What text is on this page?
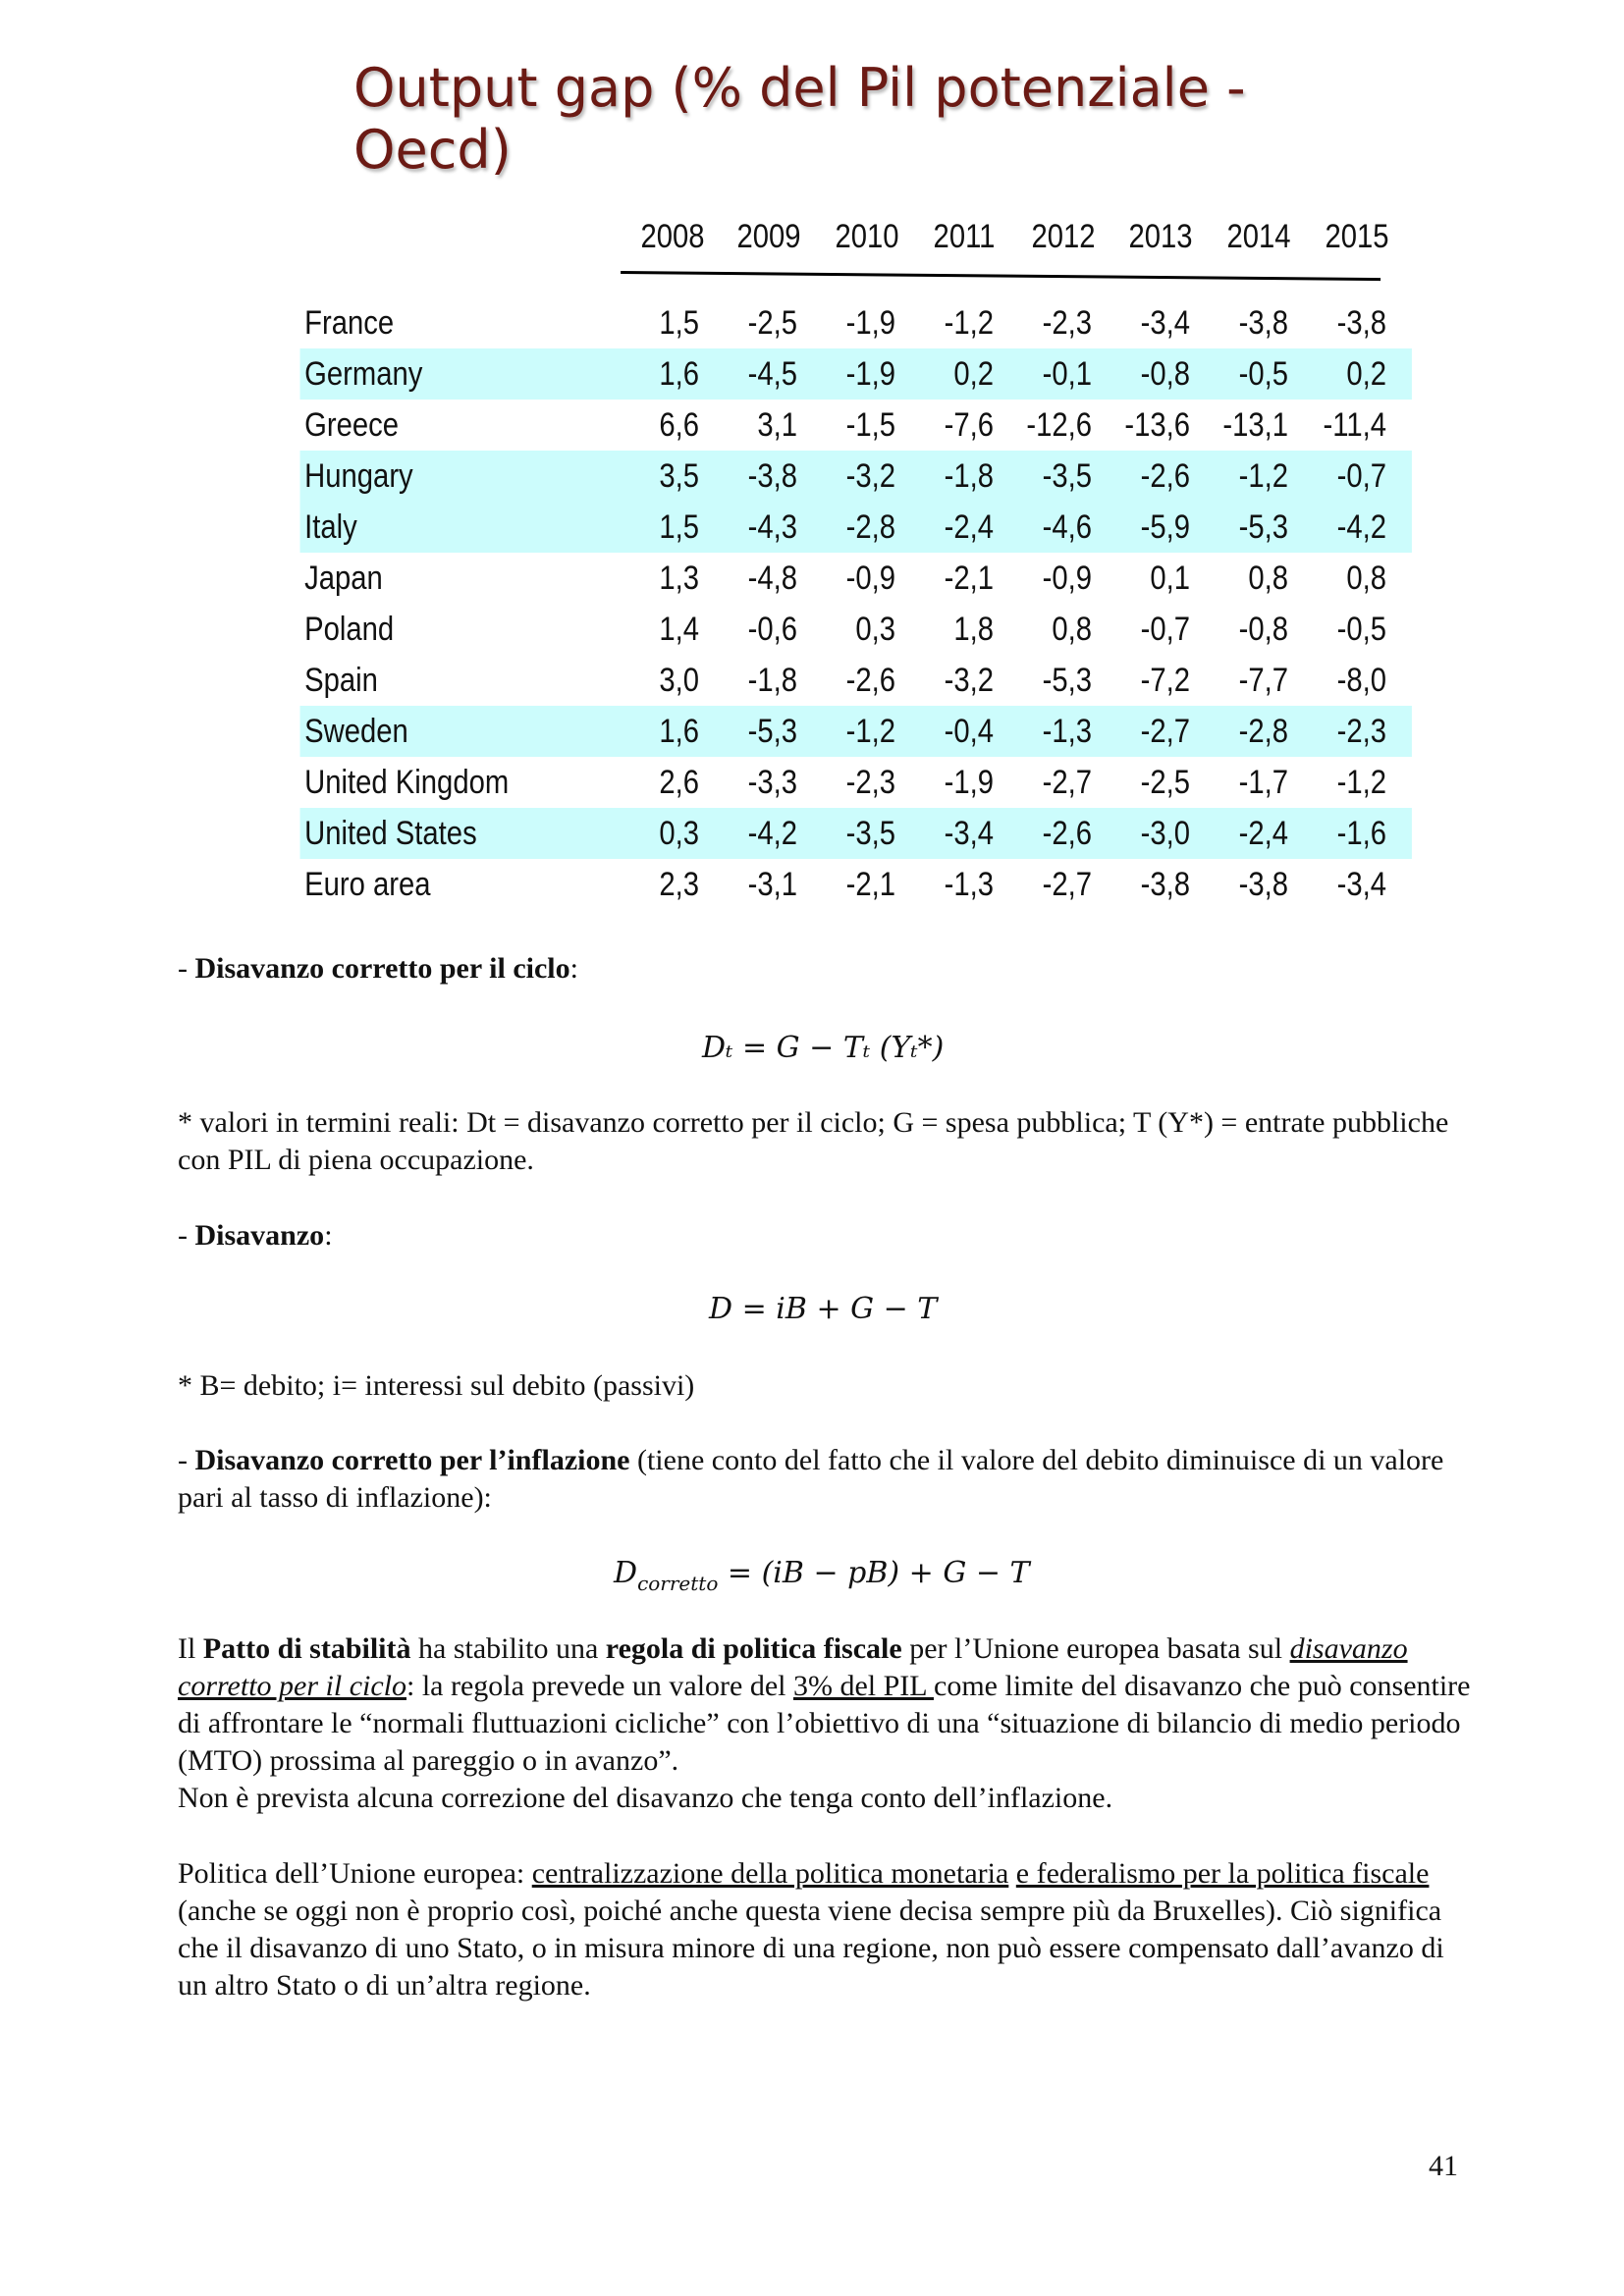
Output gap (% del Pil potenziale -Oecd)
2008 2009	2010	2011	2012 2013	2014	2015
France	1,5	-2,5	-1,9	-1,2	-2,3	-3,4	-3,8	-3,8
Germany	1,6	-4,5	-1,9	0,2	-0,1	-0,8	-0,5	0,2
Greece	6,6	3,1	-1,5	-7,6 -12,6 -13,6 -13,1	-11,4
Hungary	3,5	-3,8	-3,2	-1,8	-3,5	-2,6	-1,2	-0,7
Italy	1,5	-4,3	-2,8	-2,4	-4,6	-5,9	-5,3	-4,2
Japan	1,3	-4,8	-0,9	-2,1	-0,9	0,1	0,8	0,8
Poland	1,4	-0,6	0,3	1,8	0,8	-0,7	-0,8	-0,5
Spain	3,0	-1,8	-2,6	-3,2	-5,3	-7,2	-7,7	-8,0
Sweden	1,6	-5,3	-1,2	-0,4	-1,3	-2,7	-2,8	-2,3
United Kingdom	2,6	-3,3	-2,3	-1,9	-2,7	-2,5	-1,7	-1,2
United States	0,3	-4,2	-3,5	-3,4	-2,6	-3,0	-2,4	-1,6
Euro area	2,3	-3,1	-2,1	-1,3	-2,7	-3,8	-3,8	-3,4
- Disavanzo corretto per il ciclo:
Dₜ = G − Tₜ (Yₜ*)
* valori in termini reali: Dt = disavanzo corretto per il ciclo; G = spesa pubblica; T (Y*) = entrate pubbliche con PIL di piena occupazione.
- Disavanzo:
D = iB + G − T
* B= debito; i= interessi sul debito (passivi)
- Disavanzo corretto per l’inflazione (tiene conto del fatto che il valore del debito diminuisce di un valore pari al tasso di inflazione):
$D_{corretto} = (iB - pB) + G - T$
Il Patto di stabilità ha stabilito una regola di politica fiscale per l’Unione europea basata sul disavanzo corretto per il ciclo: la regola prevede un valore del 3% del PIL come limite del disavanzo che può consentire di affrontare le “normali fluttuazioni cicliche” con l’obiettivo di una “situazione di bilancio di medio periodo (MTO) prossima al pareggio o in avanzo”.
Non è prevista alcuna correzione del disavanzo che tenga conto dell’inflazione.
Politica dell’Unione europea: centralizzazione della politica monetaria e federalismo per la politica fiscale (anche se oggi non è proprio così, poiché anche questa viene decisa sempre più da Bruxelles). Ciò significa che il disavanzo di uno Stato, o in misura minore di una regione, non può essere compensato dall’avanzo di un altro Stato o di un’altra regione.
41
